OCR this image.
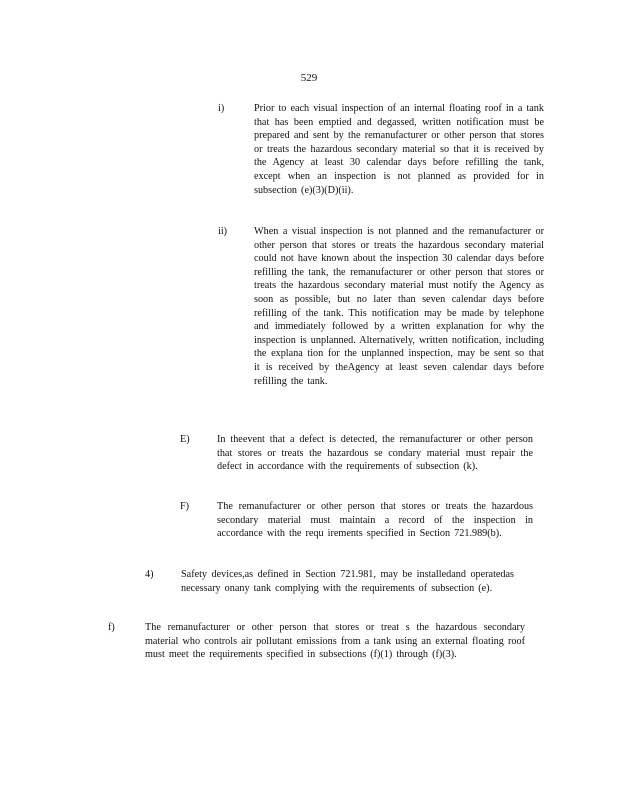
529
i)	Prior to each visual inspection of an internal floating roof in a tank that has been emptied and degassed, written notification must be prepared and sent by the remanufacturer or other person that stores or treats the hazardous secondary material so that it is received by the Agency at least 30 calendar days before refilling the tank, except when an inspection is not planned as provided for in subsection (e)(3)(D)(ii).
ii)	When a visual inspection is not planned and the remanufacturer or other person that stores or treats the hazardous secondary material could not have known about the inspection 30 calendar days before refilling the tank, the remanufacturer or other person that stores or treats the hazardous secondary material must notify the Agency as soon as possible, but no later than seven calendar days before refilling of the tank. This notification may be made by telephone and immediately followed by a written explanation for why the inspection is unplanned. Alternatively, written notification, including the explana tion for the unplanned inspection, may be sent so that it is received by theAgency at least seven calendar days before refilling the tank.
E)	In theevent that a defect is detected, the remanufacturer or other person that stores or treats the hazardous se condary material must repair the defect in accordance with the requirements of subsection (k).
F)	The remanufacturer or other person that stores or treats the hazardous secondary material must maintain a record of the inspection in accordance with the requ irements specified in Section 721.989(b).
4)	Safety devices,as defined in Section 721.981, may be installedand operatedas necessary onany tank complying with the requirements of subsection (e).
f)	The remanufacturer or other person that stores or treat s the hazardous secondary material who controls air pollutant emissions from a tank using an external floating roof must meet the requirements specified in subsections (f)(1) through (f)(3).
